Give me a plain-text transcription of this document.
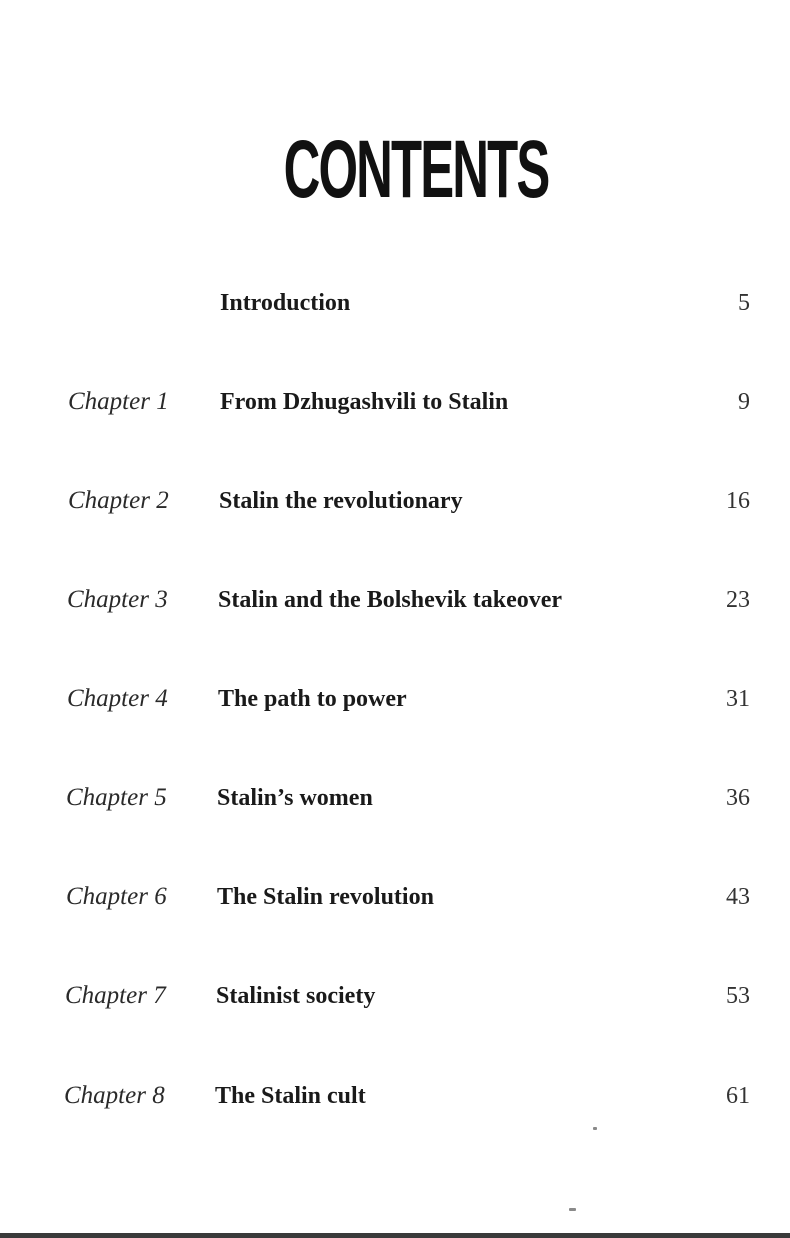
CONTENTS
Introduction	5
Chapter 1 From Dzhugashvili to Stalin	9
Chapter 2 Stalin the revolutionary	16
Chapter 3 Stalin and the Bolshevik takeover	23
Chapter 4 The path to power	31
Chapter 5 Stalin’s women	36
Chapter 6 The Stalin revolution	43
Chapter 7 Stalinist society	53
Chapter 8 The Stalin cult	61
